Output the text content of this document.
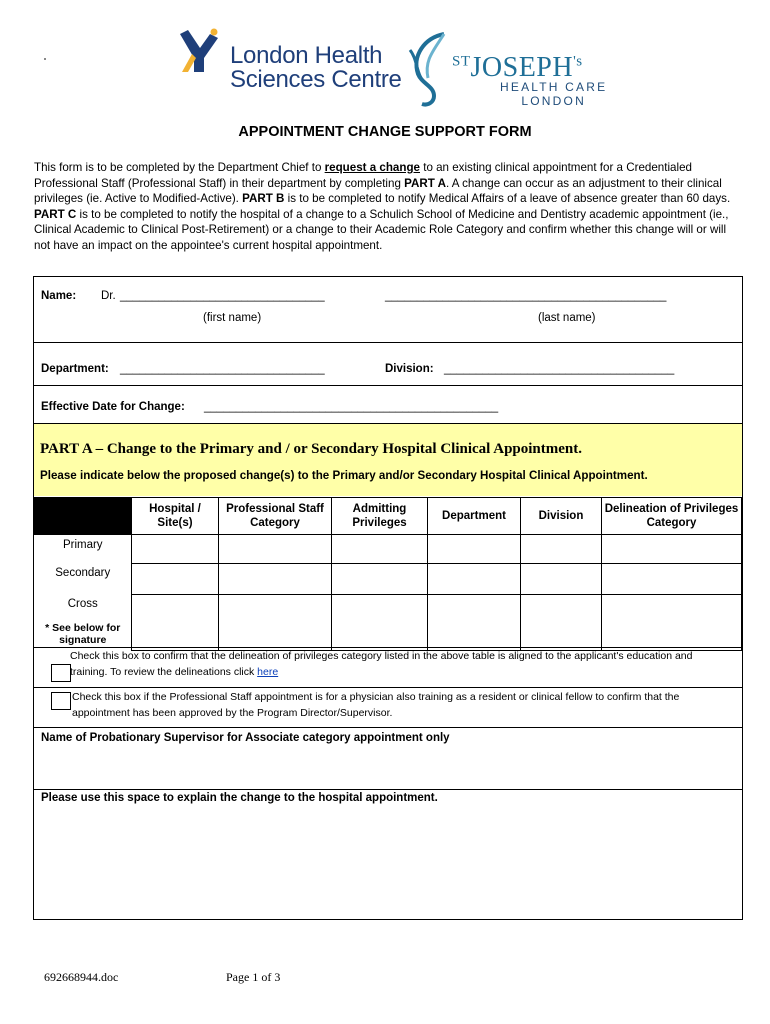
London Health
Sciences Centre
$^{ST}JOSEPH^{'s}$
HEALTH CARE
LONDON
APPOINTMENT CHANGE SUPPORT FORM
This form is to be completed by the Department Chief to request a change to an existing clinical appointment for a Credentialed Professional Staff (Professional Staff) in their department by completing PART A. A change can occur as an adjustment to their clinical privileges (ie. Active to Modified-Active). PART B is to be completed to notify Medical Affairs of a leave of absence greater than 60 days. PART C is to be completed to notify the hospital of a change to a Schulich School of Medicine and Dentistry academic appointment (ie., Clinical Academic to Clinical Post-Retirement) or a change to their Academic Role Category and confirm whether this change will or will not have an impact on the appointee's current hospital appointment.
Name: Dr. ________________________________	____________________________________________
(first name)	(last name)
Department: ________________________________	Division: ____________________________________
Effective Date for Change: ______________________________________________
PART A – Change to the Primary and / or Secondary Hospital Clinical Appointment.
Please indicate below the proposed change(s) to the Primary and/or Secondary Hospital Clinical Appointment.
	Hospital / Site(s)	Professional Staff Category	Admitting Privileges	Department	Division	Delineation of Privileges Category
Primary						
Secondary						

Cross
* See below for signature						

Check this box to confirm that the delineation of privileges category listed in the above table is aligned to the applicant's education and training. To review the delineations click here
Check this box if the Professional Staff appointment is for a physician also training as a resident or clinical fellow to confirm that the appointment has been approved by the Program Director/Supervisor.
Name of Probationary Supervisor for Associate category appointment only
Please use this space to explain the change to the hospital appointment.
692668944.doc	Page 1 of 3
